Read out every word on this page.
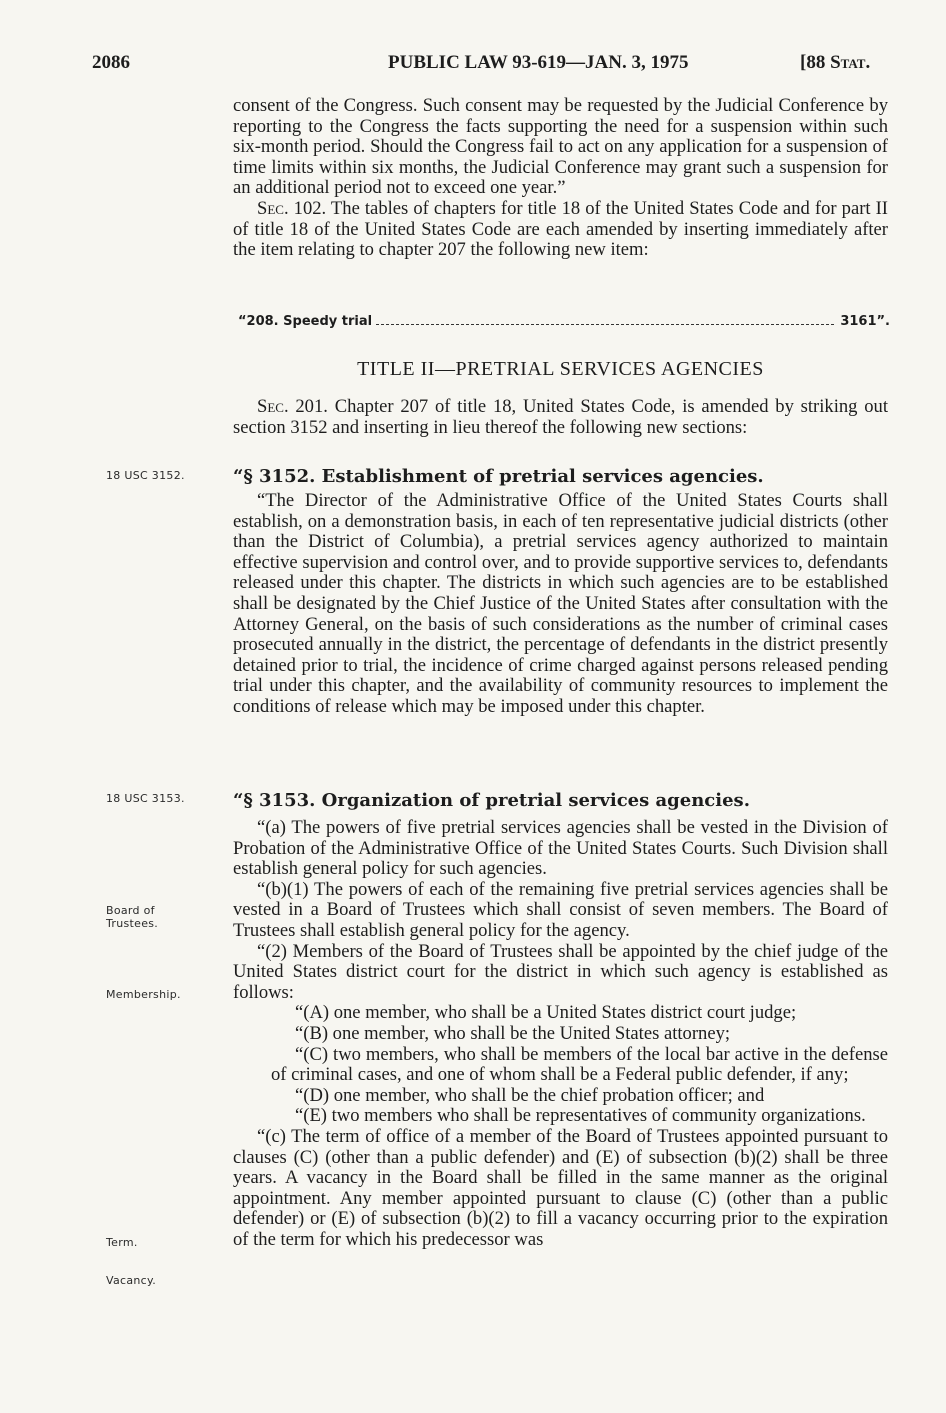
2086	PUBLIC LAW 93-619—JAN. 3, 1975	[88 Stat.

consent of the Congress. Such consent may be requested by the Judicial Conference by reporting to the Congress the facts supporting the need for a suspension within such six-month period. Should the Congress fail to act on any application for a suspension of time limits within six months, the Judicial Conference may grant such a suspension for an additional period not to exceed one year.”

Sec. 102. The tables of chapters for title 18 of the United States Code and for part II of title 18 of the United States Code are each amended by inserting immediately after the item relating to chapter 207 the following new item:

“208. Speedy trial	3161”.
TITLE II—PRETRIAL SERVICES AGENCIES

Sec. 201. Chapter 207 of title 18, United States Code, is amended by striking out section 3152 and inserting in lieu thereof the following new sections:

18 USC 3152.
18 USC 3153.
Board of Trustees.
Membership.
Term.
Vacancy.
“§ 3152. Establishment of pretrial services agencies.

“The Director of the Administrative Office of the United States Courts shall establish, on a demonstration basis, in each of ten representative judicial districts (other than the District of Columbia), a pretrial services agency authorized to maintain effective supervision and control over, and to provide supportive services to, defendants released under this chapter. The districts in which such agencies are to be established shall be designated by the Chief Justice of the United States after consultation with the Attorney General, on the basis of such considerations as the number of criminal cases prosecuted annually in the district, the percentage of defendants in the district presently detained prior to trial, the incidence of crime charged against persons released pending trial under this chapter, and the availability of community resources to implement the conditions of release which may be imposed under this chapter.

“§ 3153. Organization of pretrial services agencies.

“(a) The powers of five pretrial services agencies shall be vested in the Division of Probation of the Administrative Office of the United States Courts. Such Division shall establish general policy for such agencies.

“(b)(1) The powers of each of the remaining five pretrial services agencies shall be vested in a Board of Trustees which shall consist of seven members. The Board of Trustees shall establish general policy for the agency.

“(2) Members of the Board of Trustees shall be appointed by the chief judge of the United States district court for the district in which such agency is established as follows:

“(A) one member, who shall be a United States district court judge;

“(B) one member, who shall be the United States attorney;

“(C) two members, who shall be members of the local bar active in the defense of criminal cases, and one of whom shall be a Federal public defender, if any;

“(D) one member, who shall be the chief probation officer; and

“(E) two members who shall be representatives of community organizations.

“(c) The term of office of a member of the Board of Trustees appointed pursuant to clauses (C) (other than a public defender) and (E) of subsection (b)(2) shall be three years. A vacancy in the Board shall be filled in the same manner as the original appointment. Any member appointed pursuant to clause (C) (other than a public defender) or (E) of subsection (b)(2) to fill a vacancy occurring prior to the expiration of the term for which his predecessor was
